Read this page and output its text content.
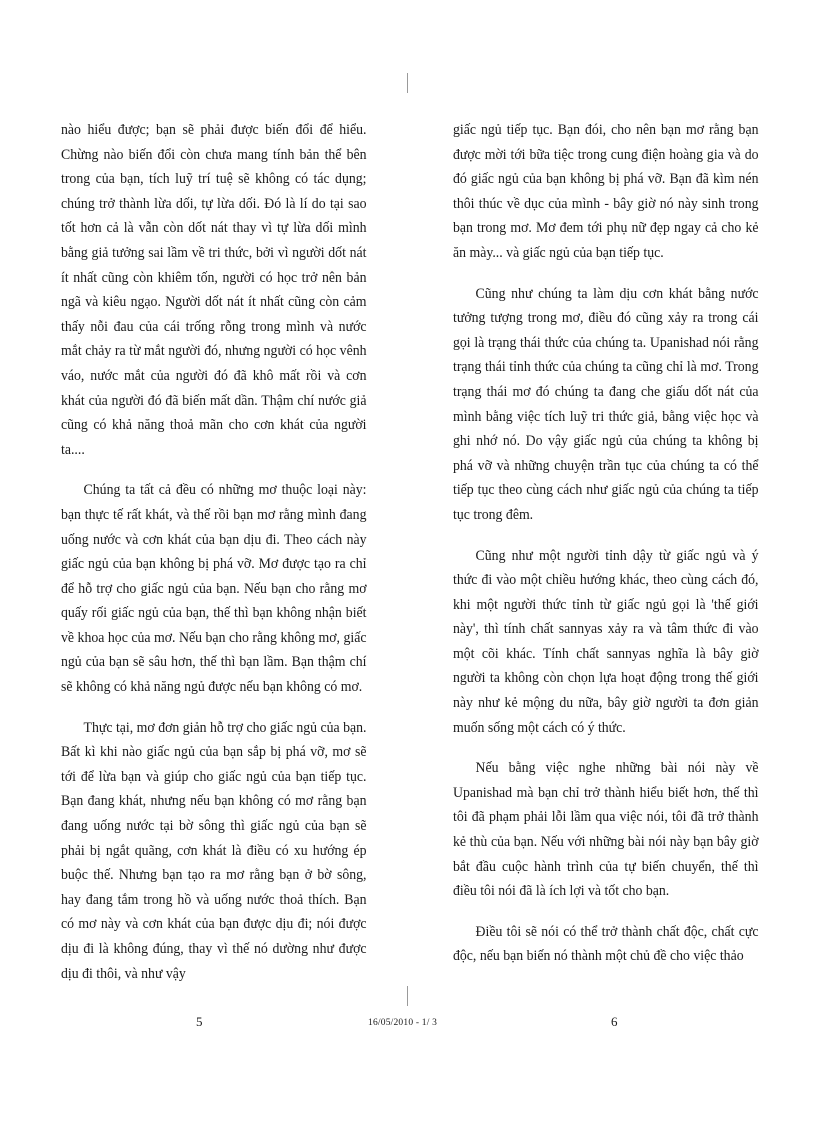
nào hiểu được; bạn sẽ phải được biến đổi để hiểu. Chừng nào biến đổi còn chưa mang tính bản thể bên trong của bạn, tích luỹ trí tuệ sẽ không có tác dụng; chúng trở thành lừa dối, tự lừa dối. Đó là lí do tại sao tốt hơn cả là vẫn còn dốt nát thay vì tự lừa dối mình bằng giả tưởng sai lầm về tri thức, bởi vì người dốt nát ít nhất cũng còn khiêm tốn, người có học trở nên bản ngã và kiêu ngạo. Người dốt nát ít nhất cũng còn cảm thấy nỗi đau của cái trống rỗng trong mình và nước mắt chảy ra từ mắt người đó, nhưng người có học vênh váo, nước mắt của người đó đã khô mất rồi và cơn khát của người đó đã biến mất dần. Thậm chí nước giả cũng có khả năng thoả mãn cho cơn khát của người ta....

Chúng ta tất cả đều có những mơ thuộc loại này: bạn thực tế rất khát, và thế rồi bạn mơ rằng mình đang uống nước và cơn khát của bạn dịu đi. Theo cách này giấc ngủ của bạn không bị phá vỡ. Mơ được tạo ra chỉ để hỗ trợ cho giấc ngủ của bạn. Nếu bạn cho rằng mơ quấy rối giấc ngủ của bạn, thế thì bạn không nhận biết về khoa học của mơ. Nếu bạn cho rằng không mơ, giấc ngủ của bạn sẽ sâu hơn, thế thì bạn lầm. Bạn thậm chí sẽ không có khả năng ngủ được nếu bạn không có mơ.

Thực tại, mơ đơn giản hỗ trợ cho giấc ngủ của bạn. Bất kì khi nào giấc ngủ của bạn sắp bị phá vỡ, mơ sẽ tới để lừa bạn và giúp cho giấc ngủ của bạn tiếp tục. Bạn đang khát, nhưng nếu bạn không có mơ rằng bạn đang uống nước tại bờ sông thì giấc ngủ của bạn sẽ phải bị ngắt quãng, cơn khát là điều có xu hướng ép buộc thế. Nhưng bạn tạo ra mơ rằng bạn ở bờ sông, hay đang tắm trong hồ và uống nước thoả thích. Bạn có mơ này và cơn khát của bạn được dịu đi; nói được dịu đi là không đúng, thay vì thế nó dường như được dịu đi thôi, và như vậy

giấc ngủ tiếp tục. Bạn đói, cho nên bạn mơ rằng bạn được mời tới bữa tiệc trong cung điện hoàng gia và do đó giấc ngủ của bạn không bị phá vỡ. Bạn đã kìm nén thôi thúc về dục của mình - bây giờ nó này sinh trong bạn trong mơ. Mơ đem tới phụ nữ đẹp ngay cả cho kẻ ăn mày... và giấc ngủ của bạn tiếp tục.

Cũng như chúng ta làm dịu cơn khát bằng nước tưởng tượng trong mơ, điều đó cũng xảy ra trong cái gọi là trạng thái thức của chúng ta. Upanishad nói rằng trạng thái tỉnh thức của chúng ta cũng chỉ là mơ. Trong trạng thái mơ đó chúng ta đang che giấu dốt nát của mình bằng việc tích luỹ tri thức giả, bằng việc học và ghi nhớ nó. Do vậy giấc ngủ của chúng ta không bị phá vỡ và những chuyện trần tục của chúng ta có thể tiếp tục theo cùng cách như giấc ngủ của chúng ta tiếp tục trong đêm.

Cũng như một người tỉnh dậy từ giấc ngủ và ý thức đi vào một chiều hướng khác, theo cùng cách đó, khi một người thức tỉnh từ giấc ngủ gọi là 'thế giới này', thì tính chất sannyas xảy ra và tâm thức đi vào một cõi khác. Tính chất sannyas nghĩa là bây giờ người ta không còn chọn lựa hoạt động trong thế giới này như kẻ mộng du nữa, bây giờ người ta đơn giản muốn sống một cách có ý thức.

Nếu bằng việc nghe những bài nói này về Upanishad mà bạn chỉ trở thành hiểu biết hơn, thế thì tôi đã phạm phải lỗi lầm qua việc nói, tôi đã trở thành kẻ thù của bạn. Nếu với những bài nói này bạn bây giờ bắt đầu cuộc hành trình của tự biến chuyển, thế thì điều tôi nói đã là ích lợi và tốt cho bạn.

Điều tôi sẽ nói có thể trở thành chất độc, chất cực độc, nếu bạn biến nó thành một chủ đề cho việc thảo

5	16/05/2010 - 1/ 3	6
